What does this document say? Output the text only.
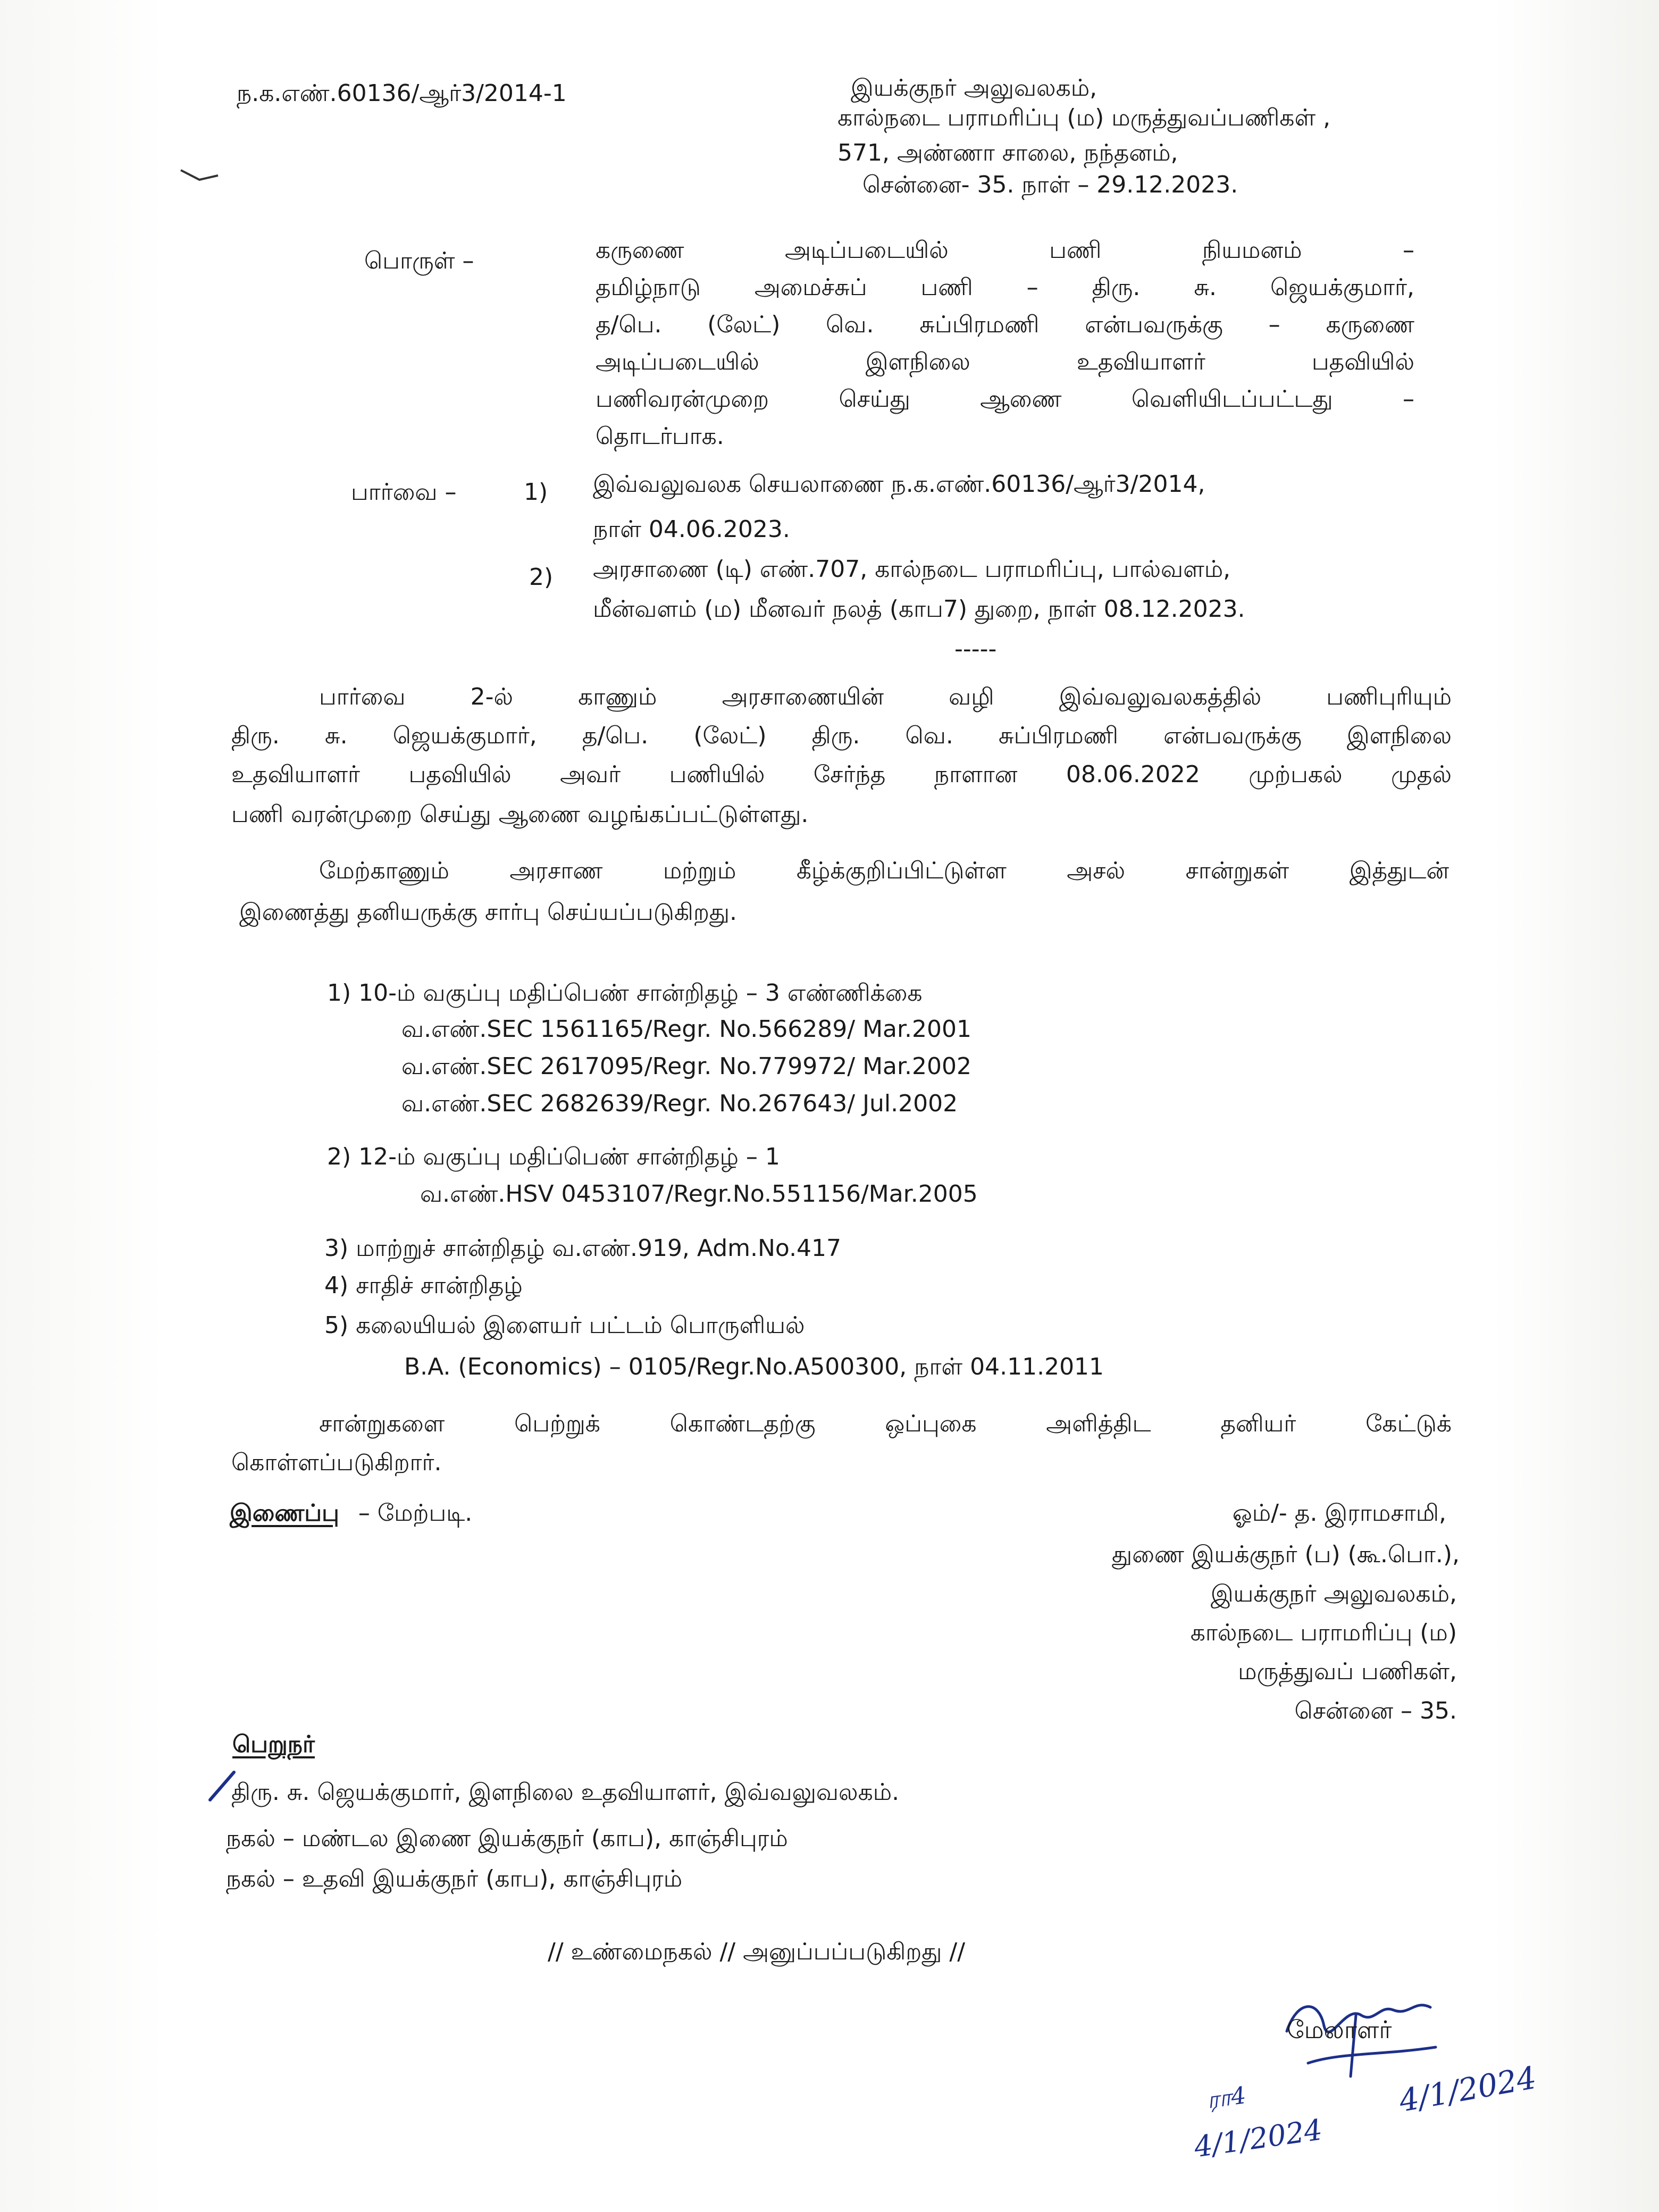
ந.க.எண்.60136/ஆர்3/2014-1	இயக்குநர் அலுவலகம்,
கால்நடை பராமரிப்பு (ம) மருத்துவப்பணிகள் ,
571, அண்ணா சாலை, நந்தனம்,
சென்னை- 35. நாள் – 29.12.2023.
பொருள் –	கருணை அடிப்படையில் பணி நியமனம் –
தமிழ்நாடு அமைச்சுப் பணி – திரு. சு. ஜெயக்குமார்,
த/பெ. (லேட்) வெ. சுப்பிரமணி என்பவருக்கு – கருணை
அடிப்படையில் இளநிலை உதவியாளர் பதவியில்
பணிவரன்முறை செய்து ஆணை வெளியிடப்பட்டது –
தொடர்பாக.
பார்வை –	1) இவ்வலுவலக செயலாணை ந.க.எண்.60136/ஆர்3/2014,
நாள் 04.06.2023.
2) அரசாணை (டி) எண்.707, கால்நடை பராமரிப்பு, பால்வளம்,
மீன்வளம் (ம) மீனவர் நலத் (காப7) துறை, நாள் 08.12.2023.
-----
பார்வை 2-ல் காணும் அரசாணையின் வழி இவ்வலுவலகத்தில் பணிபுரியும்
திரு. சு. ஜெயக்குமார், த/பெ. (லேட்) திரு. வெ. சுப்பிரமணி என்பவருக்கு இளநிலை
உதவியாளர் பதவியில் அவர் பணியில் சேர்ந்த நாளான 08.06.2022 முற்பகல் முதல்
பணி வரன்முறை செய்து ஆணை வழங்கப்பட்டுள்ளது.
மேற்காணும் அரசாண மற்றும் கீழ்க்குறிப்பிட்டுள்ள அசல் சான்றுகள் இத்துடன்
இணைத்து தனியருக்கு சார்பு செய்யப்படுகிறது.
1) 10-ம் வகுப்பு மதிப்பெண் சான்றிதழ் – 3 எண்ணிக்கை
வ.எண்.SEC 1561165/Regr. No.566289/ Mar.2001
வ.எண்.SEC 2617095/Regr. No.779972/ Mar.2002
வ.எண்.SEC 2682639/Regr. No.267643/ Jul.2002
2) 12-ம் வகுப்பு மதிப்பெண் சான்றிதழ் – 1
வ.எண்.HSV 0453107/Regr.No.551156/Mar.2005
3) மாற்றுச் சான்றிதழ் வ.எண்.919, Adm.No.417
4) சாதிச் சான்றிதழ்
5) கலையியல் இளையர் பட்டம் பொருளியல்
B.A. (Economics) – 0105/Regr.No.A500300, நாள் 04.11.2011
சான்றுகளை பெற்றுக் கொண்டதற்கு ஒப்புகை அளித்திட தனியர் கேட்டுக்
கொள்ளப்படுகிறார்.
இணைப்பு – மேற்படி.	ஓம்/- த. இராமசாமி,
துணை இயக்குநர் (ப) (கூ.பொ.),
இயக்குநர் அலுவலகம்,
கால்நடை பராமரிப்பு (ம)
மருத்துவப் பணிகள்,
சென்னை – 35.
பெறுநர்
திரு. சு. ஜெயக்குமார், இளநிலை உதவியாளர், இவ்வலுவலகம்.
நகல் – மண்டல இணை இயக்குநர் (காப), காஞ்சிபுரம்
நகல் – உதவி இயக்குநர் (காப), காஞ்சிபுரம்
// உண்மைநகல் // அனுப்பப்படுகிறது //
மேலாளர்
4/1/2024
ரா4
4/1/2024
